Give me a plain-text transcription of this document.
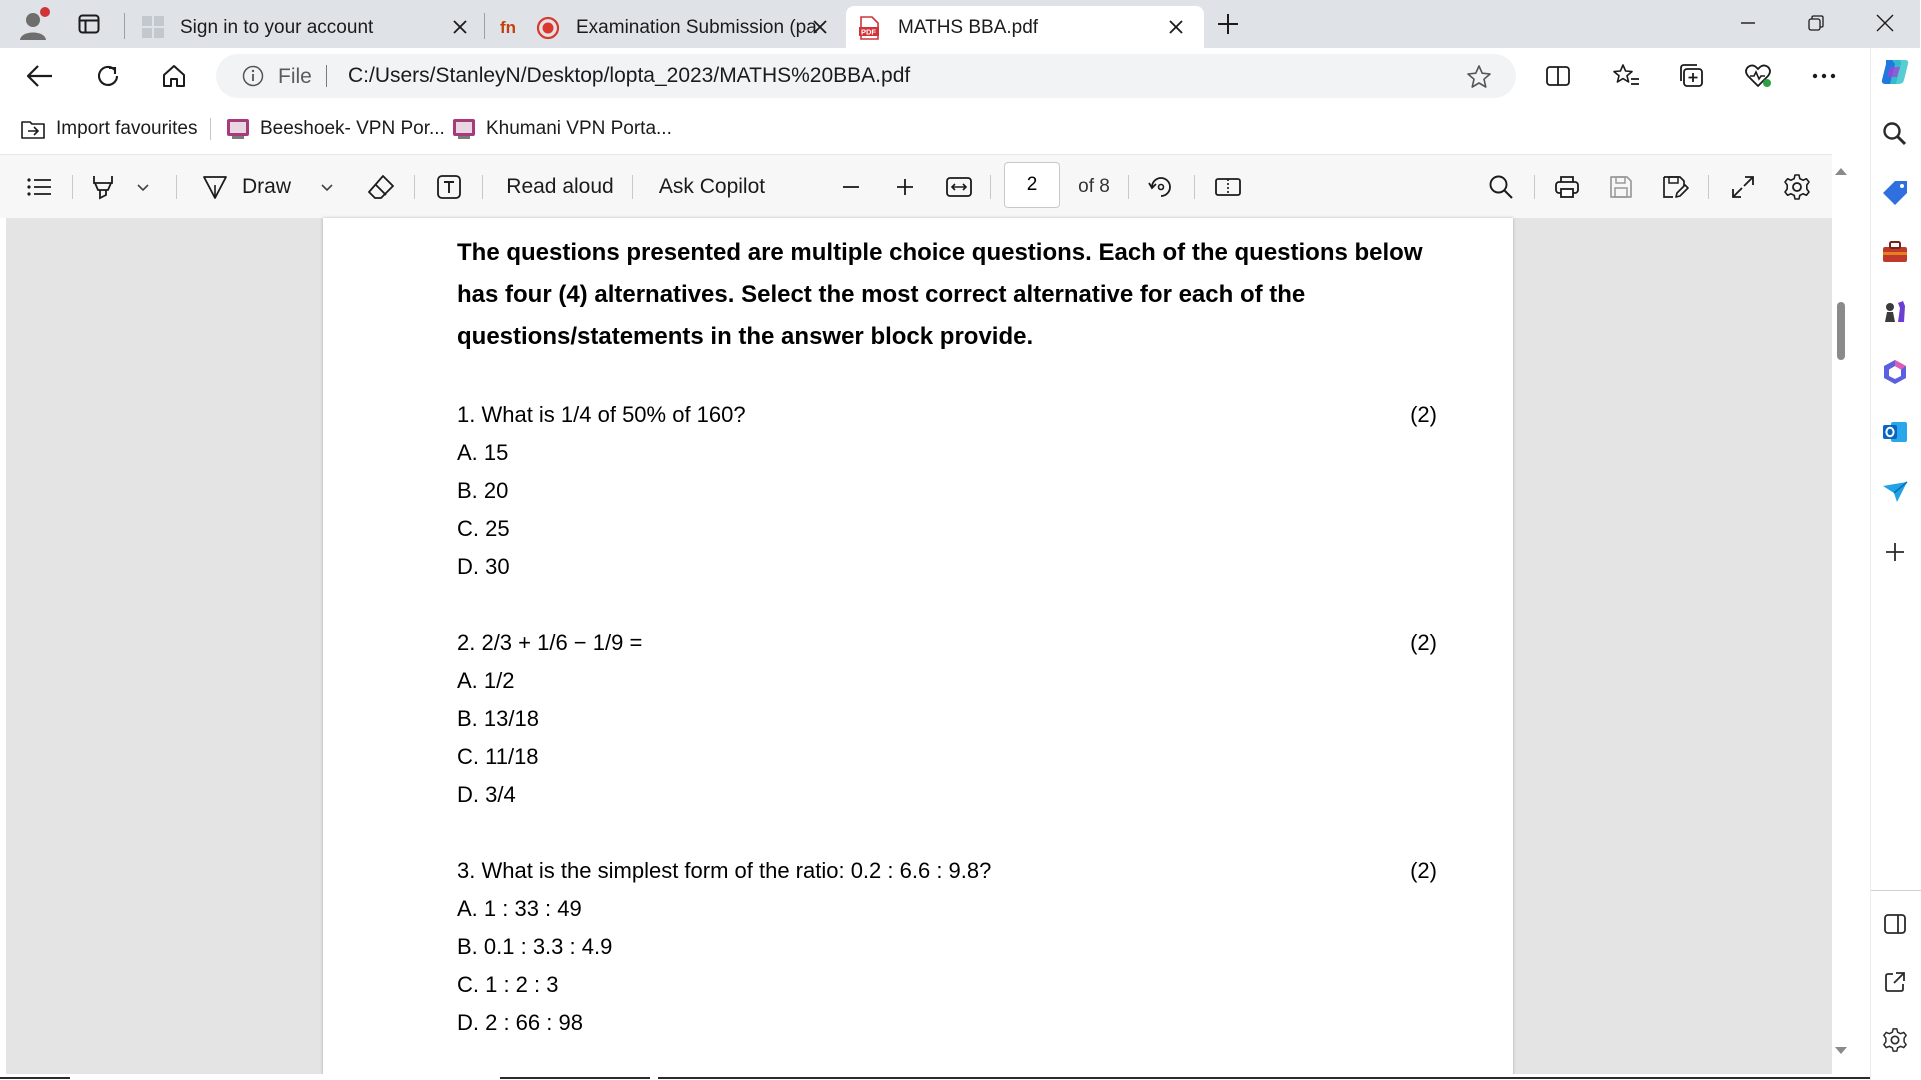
Sign in to your account	fn	Examination Submission (pa	PDF MATHS BBA.pdf
File C:/Users/StanleyN/Desktop/lopta_2023/MATHS%20BBA.pdf
Import favourites	Beeshoek- VPN Por... Khumani VPN Porta...
Draw	Read aloud Ask Copilot
2	of 8
The questions presented are multiple choice questions. Each of the questions below has four (4) alternatives. Select the most correct alternative for each of the questions/statements in the answer block provide.
1. What is 1/4 of 50% of 160?	(2)
A. 15
B. 20
C. 25
D. 30
2. 2/3 + 1/6 − 1/9 =	(2)
A. 1/2
B. 13/18
C. 11/18
D. 3/4
3. What is the simplest form of the ratio: 0.2 : 6.6 : 9.8?	(2)
A. 1 : 33 : 49
B. 0.1 : 3.3 : 4.9
C. 1 : 2 : 3
D. 2 : 66 : 98
